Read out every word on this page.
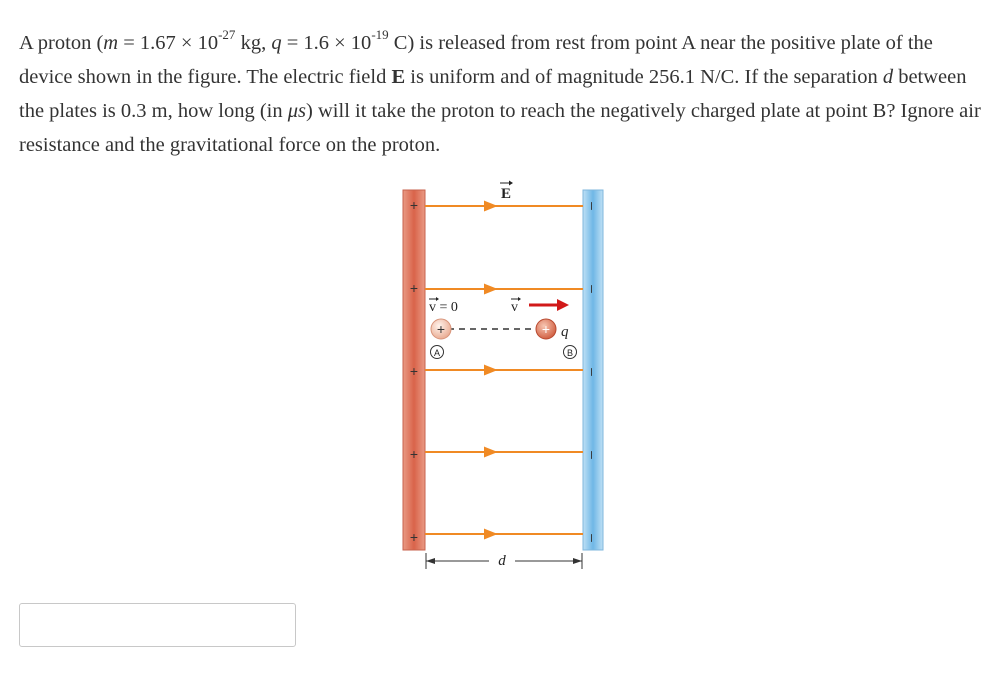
A proton ($m = 1.67 \times 10^{-27}$ kg, $q = 1.6 \times 10^{-19}$ C) is released from rest from point A near the positive plate of the device shown in the figure. The electric field E is uniform and of magnitude 256.1 N/C. If the separation d between the plates is 0.3 m, how long (in μs) will it take the proton to reach the negatively charged plate at point B? Ignore air resistance and the gravitational force on the proton.

+
+
+
+
+
–
–
–
–
–
E
v = 0	v
+	+ q
A	B
d
